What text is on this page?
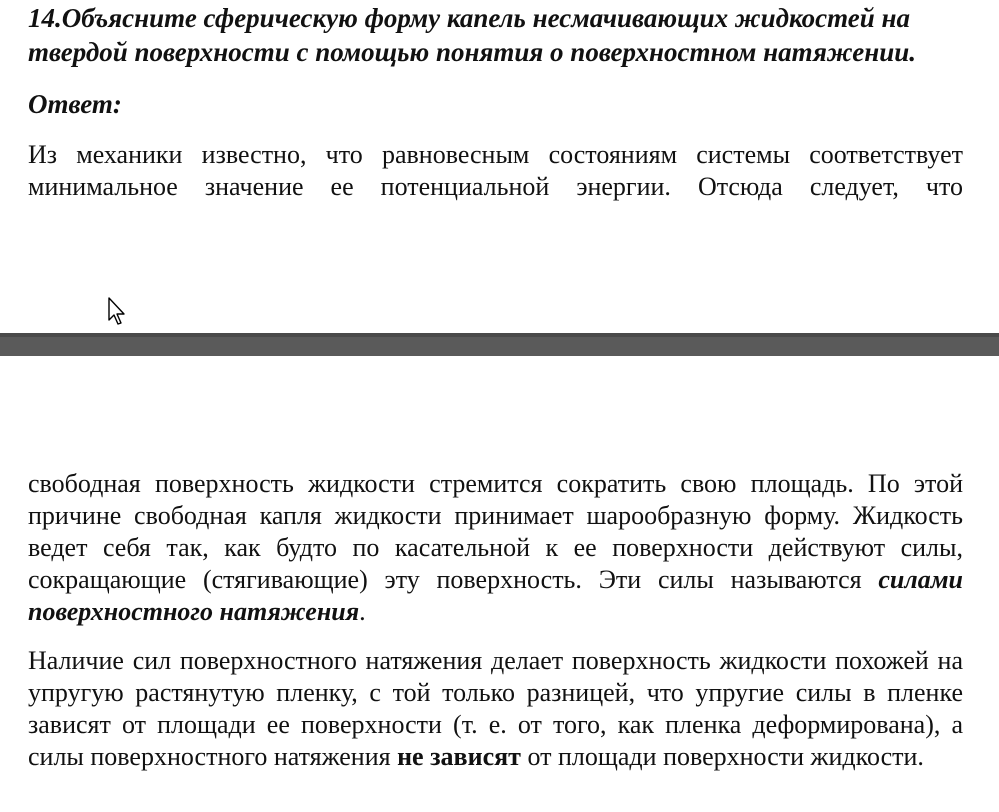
14.Объясните сферическую форму капель несмачивающих жидкостей на твердой поверхности с помощью понятия о поверхностном натяжении.

Ответ:

Из механики известно, что равновесным состояниям системы соответствует минимальное значение ее потенциальной энергии. Отсюда следует, что

свободная поверхность жидкости стремится сократить свою площадь. По этой причине свободная капля жидкости принимает шарообразную форму. Жидкость ведет себя так, как будто по касательной к ее поверхности действуют силы, сокращающие (стягивающие) эту поверхность. Эти силы называются силами поверхностного натяжения.

Наличие сил поверхностного натяжения делает поверхность жидкости похожей на упругую растянутую пленку, с той только разницей, что упругие силы в пленке зависят от площади ее поверхности (т. е. от того, как пленка деформирована), а силы поверхностного натяжения не зависят от площади поверхности жидкости.
